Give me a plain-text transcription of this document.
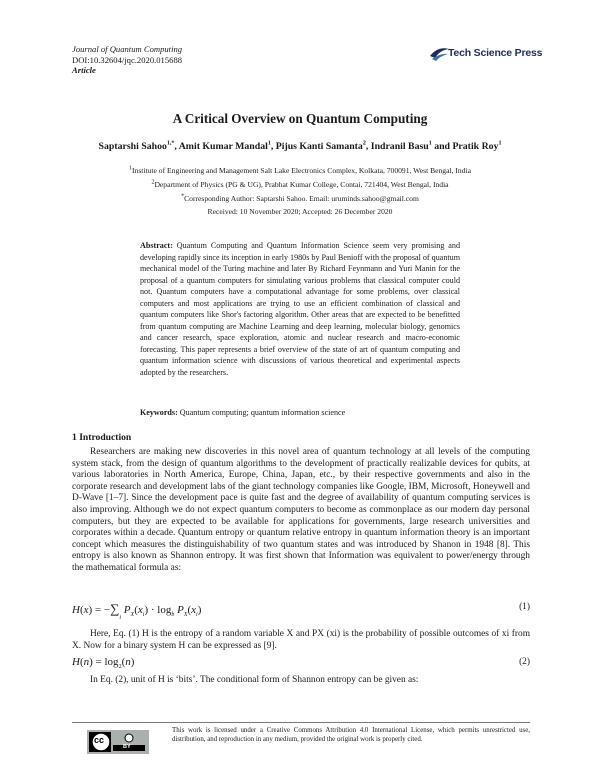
Journal of Quantum Computing
DOI:10.32604/jqc.2020.015688
Article
Tech Science Press
A Critical Overview on Quantum Computing
Saptarshi Sahoo$^{1,*}$, Amit Kumar Mandal$^1$, Pijus Kanti Samanta$^2$, Indranil Basu$^1$ and Pratik Roy$^1$
$^1$Institute of Engineering and Management Salt Lake Electronics Complex, Kolkata, 700091, West Bengal, India
$^2$Department of Physics (PG & UG), Prabhat Kumar College, Contai, 721404, West Bengal, India
*Corresponding Author: Saptarshi Sahoo. Email: uruminds.sahoo@gmail.com
Received: 10 November 2020; Accepted: 26 December 2020
Abstract: Quantum Computing and Quantum Information Science seem very promising and developing rapidly since its inception in early 1980s by Paul Benioff with the proposal of quantum mechanical model of the Turing machine and later By Richard Feynmann and Yuri Manin for the proposal of a quantum computers for simulating various problems that classical computer could not. Quantum computers have a computational advantage for some problems, over classical computers and most applications are trying to use an efficient combination of classical and quantum computers like Shor's factoring algorithm. Other areas that are expected to be benefitted from quantum computing are Machine Learning and deep learning, molecular biology, genomics and cancer research, space exploration, atomic and nuclear research and macro-economic forecasting. This paper represents a brief overview of the state of art of quantum computing and quantum information science with discussions of various theoretical and experimental aspects adopted by the researchers.
Keywords: Quantum computing; quantum information science
1 Introduction
Researchers are making new discoveries in this novel area of quantum technology at all levels of the computing system stack, from the design of quantum algorithms to the development of practically realizable devices for qubits, at various laboratories in North America, Europe, China, Japan, etc., by their respective governments and also in the corporate research and development labs of the giant technology companies like Google, IBM, Microsoft, Honeywell and D-Wave [1–7]. Since the development pace is quite fast and the degree of availability of quantum computing services is also improving. Although we do not expect quantum computers to become as commonplace as our modern day personal computers, but they are expected to be available for applications for governments, large research universities and corporates within a decade. Quantum entropy or quantum relative entropy in quantum information theory is an important concept which measures the distinguishability of two quantum states and was introduced by Shanon in 1948 [8]. This entropy is also known as Shannon entropy. It was first shown that Information was equivalent to power/energy through the mathematical formula as:
$H(x) = -\sum_i$ $P_X(x_i) \cdot \log_b P_X(x_i)$	(1)
Here, Eq. (1) H is the entropy of a random variable X and PX (xi) is the probability of possible outcomes of xi from X. Now for a binary system H can be expressed as [9].
$H(n) = \log_2(n)$	(2)
In Eq. (2), unit of H is ‘bits’. The conditional form of Shannon entropy can be given as:
cc
BY
This work is licensed under a Creative Commons Attribution 4.0 International License, which permits unrestricted use, distribution, and reproduction in any medium, provided the original work is properly cited.
